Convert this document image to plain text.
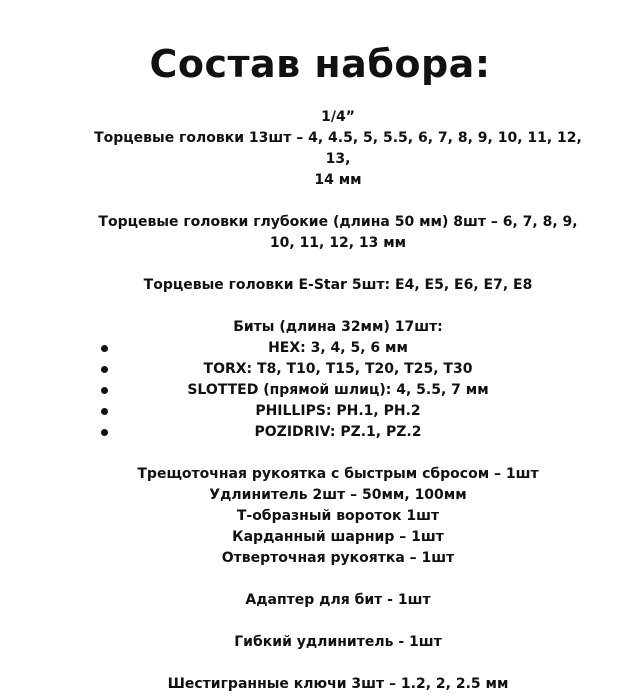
Состав набора:
1/4”
Торцевые головки 13шт – 4, 4.5, 5, 5.5, 6, 7, 8, 9, 10, 11, 12, 13,
14 мм
Торцевые головки глубокие (длина 50 мм) 8шт – 6, 7, 8, 9,
10, 11, 12, 13 мм
Торцевые головки E-Star 5шт: E4, E5, E6, E7, E8
Биты (длина 32мм) 17шт:
HEX: 3, 4, 5, 6 мм
TORX: T8, T10, T15, T20, T25, T30
SLOTTED (прямой шлиц): 4, 5.5, 7 мм
PHILLIPS: PH.1, PH.2
POZIDRIV: PZ.1, PZ.2
Трещоточная рукоятка с быстрым сбросом – 1шт
Удлинитель 2шт – 50мм, 100мм
Т-образный вороток 1шт
Карданный шарнир – 1шт
Отверточная рукоятка – 1шт
Адаптер для бит - 1шт
Гибкий удлинитель - 1шт
Шестигранные ключи 3шт – 1.2, 2, 2.5 мм
